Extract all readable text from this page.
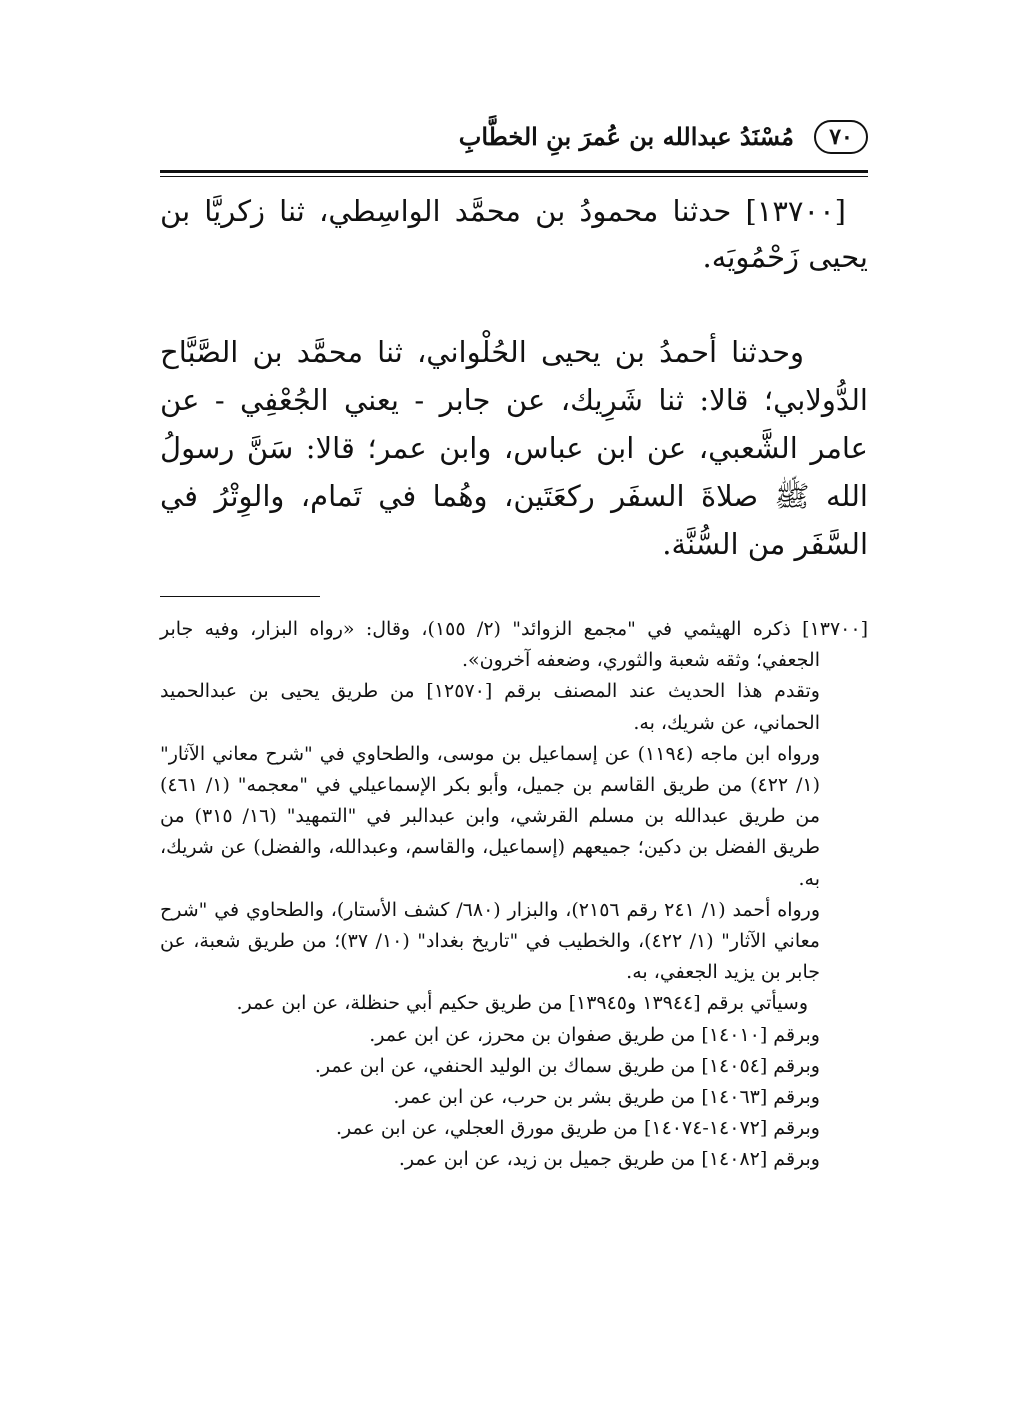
٧٠
مُسْنَدُ عبدالله بن عُمرَ بنِ الخطَّابِ

[١٣٧٠٠] حدثنا محمودُ بن محمَّد الواسِطي، ثنا زكريَّا بن يحيى زَحْمُويَه.

وحدثنا أحمدُ بن يحيى الحُلْواني، ثنا محمَّد بن الصَّبَّاح الدُّولابي؛ قالا: ثنا شَرِيك، عن جابر - يعني الجُعْفِي - عن عامر الشَّعبي، عن ابن عباس، وابن عمر؛ قالا: سَنَّ رسولُ الله ﷺ صلاةَ السفَر ركعَتَين، وهُما في تَمام، والوِتْرُ في السَّفَر من السُّنَّة.

[١٣٧٠٠] ذكره الهيثمي في "مجمع الزوائد" (٢/ ١٥٥)، وقال: «رواه البزار، وفيه جابر الجعفي؛ وثقه شعبة والثوري، وضعفه آخرون».

وتقدم هذا الحديث عند المصنف برقم [١٢٥٧٠] من طريق يحيى بن عبدالحميد الحماني، عن شريك، به.

ورواه ابن ماجه (١١٩٤) عن إسماعيل بن موسى، والطحاوي في "شرح معاني الآثار" (١/ ٤٢٢) من طريق القاسم بن جميل، وأبو بكر الإسماعيلي في "معجمه" (١/ ٤٦١) من طريق عبدالله بن مسلم القرشي، وابن عبدالبر في "التمهيد" (١٦/ ٣١٥) من طريق الفضل بن دكين؛ جميعهم (إسماعيل، والقاسم، وعبدالله، والفضل) عن شريك، به.

ورواه أحمد (١/ ٢٤١ رقم ٢١٥٦)، والبزار (٦٨٠/ كشف الأستار)، والطحاوي في "شرح معاني الآثار" (١/ ٤٢٢)، والخطيب في "تاريخ بغداد" (١٠/ ٣٧)؛ من طريق شعبة، عن جابر بن يزيد الجعفي، به.

وسيأتي برقم [١٣٩٤٤ و١٣٩٤٥] من طريق حكيم أبي حنظلة، عن ابن عمر.

وبرقم [١٤٠١٠] من طريق صفوان بن محرز، عن ابن عمر.

وبرقم [١٤٠٥٤] من طريق سماك بن الوليد الحنفي، عن ابن عمر.

وبرقم [١٤٠٦٣] من طريق بشر بن حرب، عن ابن عمر.

وبرقم [١٤٠٧٢-١٤٠٧٤] من طريق مورق العجلي، عن ابن عمر.

وبرقم [١٤٠٨٢] من طريق جميل بن زيد، عن ابن عمر.
